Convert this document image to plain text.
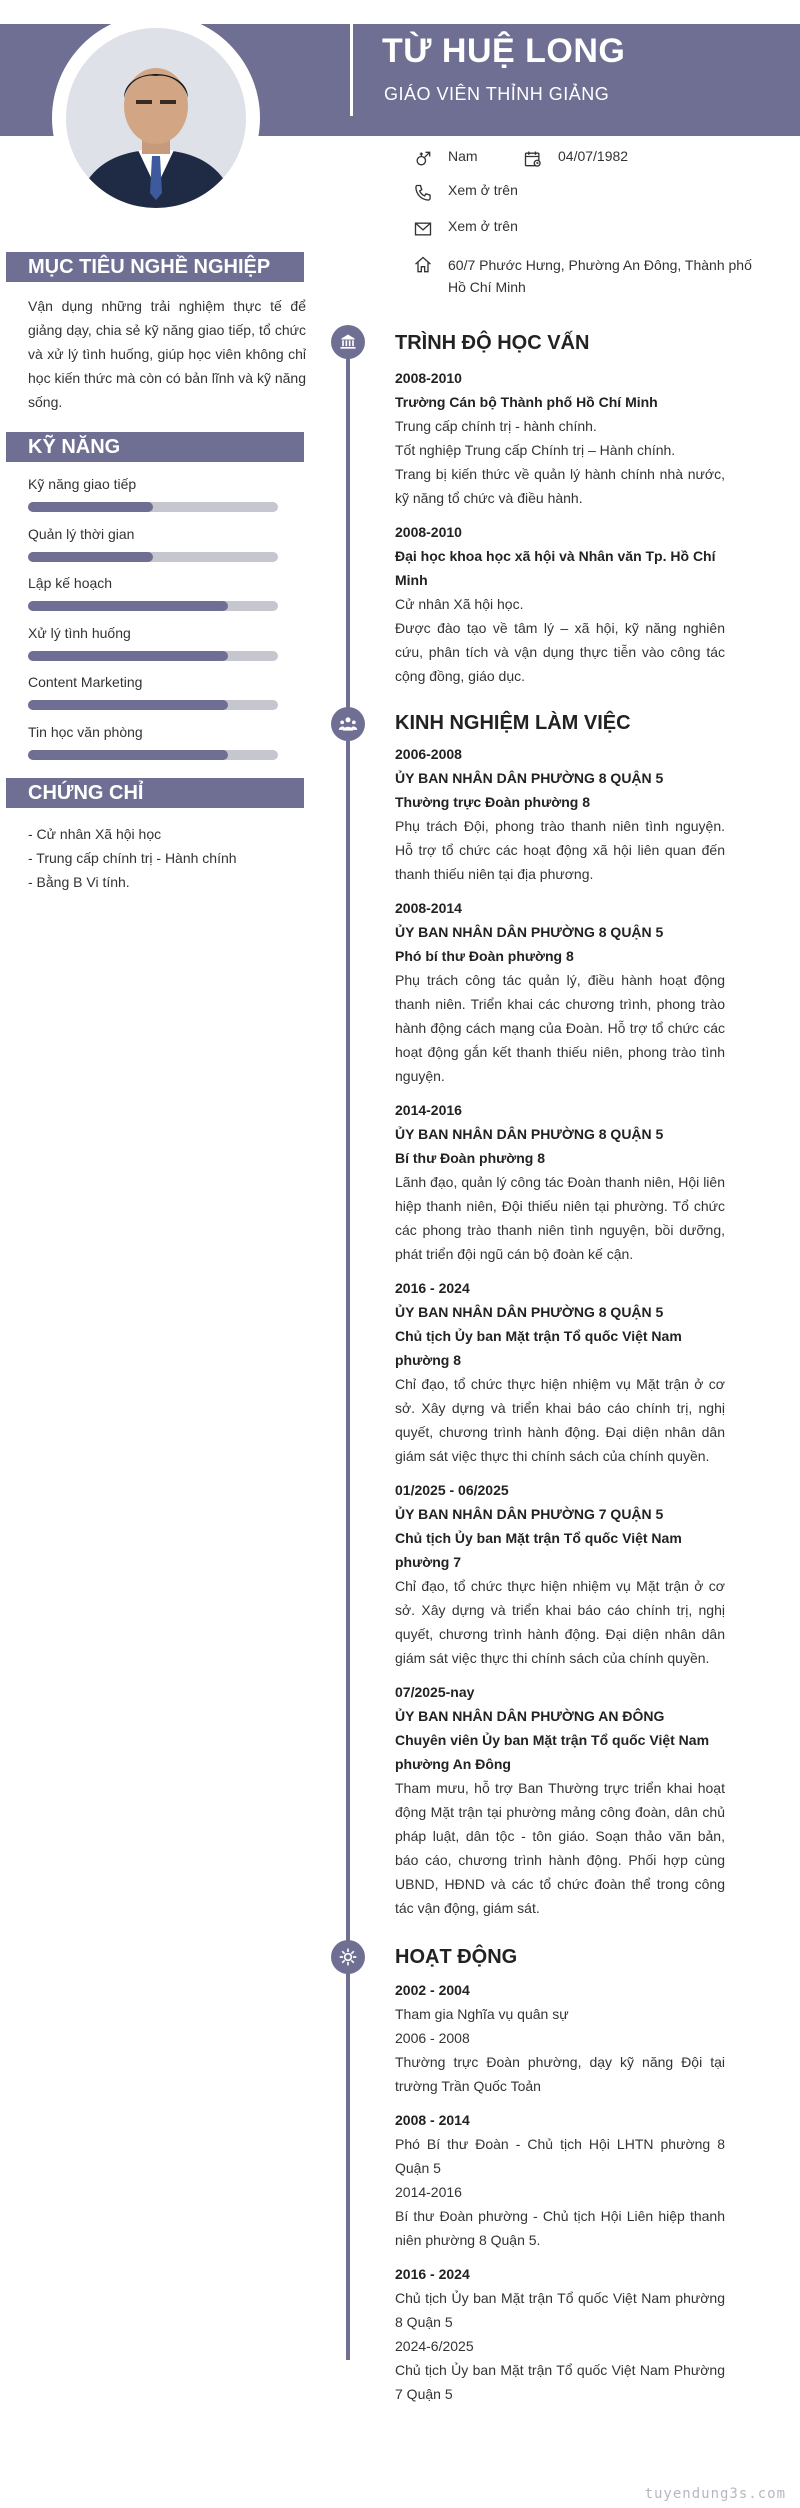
TỪ HUỆ LONG
GIÁO VIÊN THỈNH GIẢNG
Nam	04/07/1982
Xem ở trên
Xem ở trên
60/7 Phước Hưng, Phường An Đông, Thành phố Hồ Chí Minh
MỤC TIÊU NGHỀ NGHIỆP
Vận dụng những trải nghiệm thực tế để giảng dạy, chia sẻ kỹ năng giao tiếp, tổ chức và xử lý tình huống, giúp học viên không chỉ học kiến thức mà còn có bản lĩnh và kỹ năng sống.
KỸ NĂNG
Kỹ năng giao tiếp
Quản lý thời gian
Lập kế hoạch
Xử lý tình huống
Content Marketing
Tin học văn phòng
CHỨNG CHỈ
- Cử nhân Xã hội học
- Trung cấp chính trị - Hành chính
- Bằng B Vi tính.
TRÌNH ĐỘ HỌC VẤN
2008-2010
Trường Cán bộ Thành phố Hồ Chí Minh
Trung cấp chính trị - hành chính.
Tốt nghiệp Trung cấp Chính trị – Hành chính.
Trang bị kiến thức về quản lý hành chính nhà nước, kỹ năng tổ chức và điều hành.
2008-2010
Đại học khoa học xã hội và Nhân văn Tp. Hồ Chí Minh
Cử nhân Xã hội học.
Được đào tạo về tâm lý – xã hội, kỹ năng nghiên cứu, phân tích và vận dụng thực tiễn vào công tác cộng đồng, giáo dục.
KINH NGHIỆM LÀM VIỆC
2006-2008
ỦY BAN NHÂN DÂN PHƯỜNG 8 QUẬN 5
Thường trực Đoàn phường 8
Phụ trách Đội, phong trào thanh niên tình nguyện. Hỗ trợ tổ chức các hoạt động xã hội liên quan đến thanh thiếu niên tại địa phương.
2008-2014
ỦY BAN NHÂN DÂN PHƯỜNG 8 QUẬN 5
Phó bí thư Đoàn phường 8
Phụ trách công tác quản lý, điều hành hoạt động thanh niên. Triển khai các chương trình, phong trào hành động cách mạng của Đoàn. Hỗ trợ tổ chức các hoạt động gắn kết thanh thiếu niên, phong trào tình nguyện.
2014-2016
ỦY BAN NHÂN DÂN PHƯỜNG 8 QUẬN 5
Bí thư Đoàn phường 8
Lãnh đạo, quản lý công tác Đoàn thanh niên, Hội liên hiệp thanh niên, Đội thiếu niên tại phường. Tổ chức các phong trào thanh niên tình nguyện, bồi dưỡng, phát triển đội ngũ cán bộ đoàn kế cận.
2016 - 2024
ỦY BAN NHÂN DÂN PHƯỜNG 8 QUẬN 5
Chủ tịch Ủy ban Mặt trận Tổ quốc Việt Nam phường 8
Chỉ đạo, tổ chức thực hiện nhiệm vụ Mặt trận ở cơ sở. Xây dựng và triển khai báo cáo chính trị, nghị quyết, chương trình hành động. Đại diện nhân dân giám sát việc thực thi chính sách của chính quyền.
01/2025 - 06/2025
ỦY BAN NHÂN DÂN PHƯỜNG 7 QUẬN 5
Chủ tịch Ủy ban Mặt trận Tổ quốc Việt Nam phường 7
Chỉ đạo, tổ chức thực hiện nhiệm vụ Mặt trận ở cơ sở. Xây dựng và triển khai báo cáo chính trị, nghị quyết, chương trình hành động. Đại diện nhân dân giám sát việc thực thi chính sách của chính quyền.
07/2025-nay
ỦY BAN NHÂN DÂN PHƯỜNG AN ĐÔNG
Chuyên viên Ủy ban Mặt trận Tổ quốc Việt Nam phường An Đông
Tham mưu, hỗ trợ Ban Thường trực triển khai hoạt động Mặt trận tại phường mảng công đoàn, dân chủ pháp luật, dân tộc - tôn giáo. Soạn thảo văn bản, báo cáo, chương trình hành động. Phối hợp cùng UBND, HĐND và các tổ chức đoàn thể trong công tác vận động, giám sát.
HOẠT ĐỘNG
2002 - 2004
Tham gia Nghĩa vụ quân sự
2006 - 2008
Thường trực Đoàn phường, dạy kỹ năng Đội tại trường Trần Quốc Toản
2008 - 2014
Phó Bí thư Đoàn - Chủ tịch Hội LHTN phường 8 Quận 5
2014-2016
Bí thư Đoàn phường - Chủ tịch Hội Liên hiệp thanh niên phường 8 Quận 5.
2016 - 2024
Chủ tịch Ủy ban Mặt trận Tổ quốc Việt Nam phường 8 Quận 5
2024-6/2025
Chủ tịch Ủy ban Mặt trận Tổ quốc Việt Nam Phường 7 Quận 5
tuyendung3s.com
